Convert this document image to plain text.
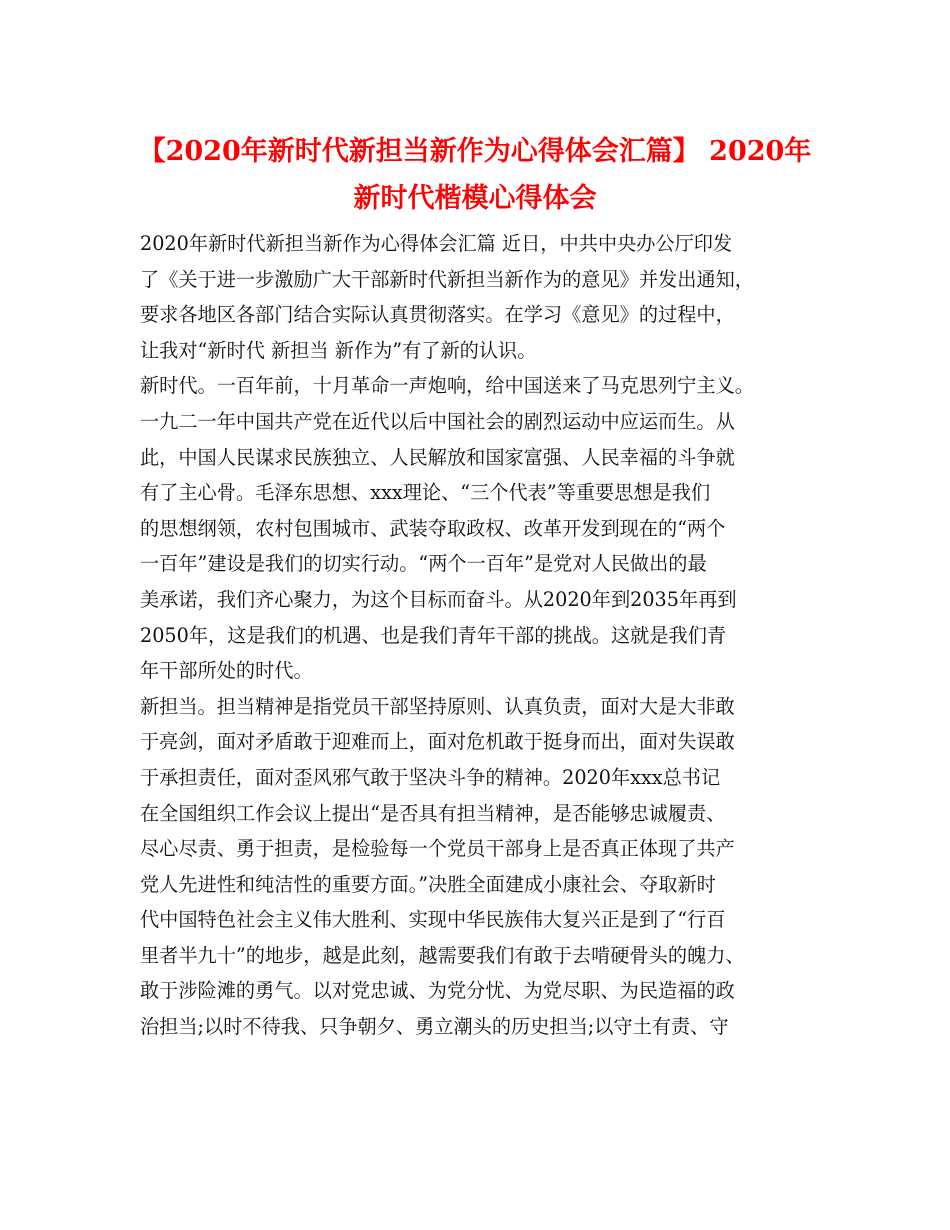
【2020年新时代新担当新作为心得体会汇篇】 2020年
新时代楷模心得体会
2020年新时代新担当新作为心得体会汇篇 近日，中共中央办公厅印发
了《关于进一步激励广大干部新时代新担当新作为的意见》并发出通知，
要求各地区各部门结合实际认真贯彻落实。在学习《意见》的过程中，
让我对“新时代 新担当 新作为”有了新的认识。
新时代。一百年前，十月革命一声炮响，给中国送来了马克思列宁主义。
一九二一年中国共产党在近代以后中国社会的剧烈运动中应运而生。从
此，中国人民谋求民族独立、人民解放和国家富强、人民幸福的斗争就
有了主心骨。毛泽东思想、xxx理论、“三个代表”等重要思想是我们
的思想纲领，农村包围城市、武装夺取政权、改革开发到现在的“两个
一百年”建设是我们的切实行动。“两个一百年”是党对人民做出的最
美承诺，我们齐心聚力，为这个目标而奋斗。从2020年到2035年再到
2050年，这是我们的机遇、也是我们青年干部的挑战。这就是我们青
年干部所处的时代。
新担当。担当精神是指党员干部坚持原则、认真负责，面对大是大非敢
于亮剑，面对矛盾敢于迎难而上，面对危机敢于挺身而出，面对失误敢
于承担责任，面对歪风邪气敢于坚决斗争的精神。2020年xxx总书记
在全国组织工作会议上提出“是否具有担当精神，是否能够忠诚履责、
尽心尽责、勇于担责，是检验每一个党员干部身上是否真正体现了共产
党人先进性和纯洁性的重要方面。”决胜全面建成小康社会、夺取新时
代中国特色社会主义伟大胜利、实现中华民族伟大复兴正是到了“行百
里者半九十”的地步，越是此刻，越需要我们有敢于去啃硬骨头的魄力、
敢于涉险滩的勇气。以对党忠诚、为党分忧、为党尽职、为民造福的政
治担当;以时不待我、只争朝夕、勇立潮头的历史担当;以守土有责、守
